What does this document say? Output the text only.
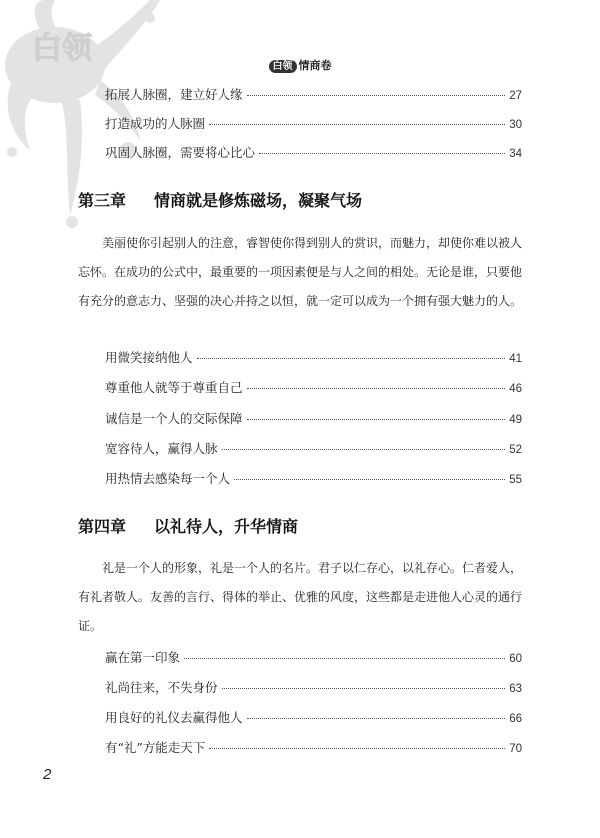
白领
白领 情商卷
拓展人脉圈，建立好人缘	27
打造成功的人脉圈	30
巩固人脉圈，需要将心比心	34
第三章 情商就是修炼磁场，凝聚气场
美丽使你引起别人的注意，睿智使你得到别人的赏识，而魅力，却使你难以被人忘怀。在成功的公式中，最重要的一项因素便是与人之间的相处。无论是谁，只要他有充分的意志力、坚强的决心并持之以恒，就一定可以成为一个拥有强大魅力的人。
用微笑接纳他人	41
尊重他人就等于尊重自己	46
诚信是一个人的交际保障	49
宽容待人，赢得人脉	52
用热情去感染每一个人	55
第四章 以礼待人，升华情商
礼是一个人的形象，礼是一个人的名片。君子以仁存心，以礼存心。仁者爱人，有礼者敬人。友善的言行、得体的举止、优雅的风度，这些都是走进他人心灵的通行证。
赢在第一印象	60
礼尚往来，不失身份	63
用良好的礼仪去赢得他人	66
有“礼”方能走天下	70
2
